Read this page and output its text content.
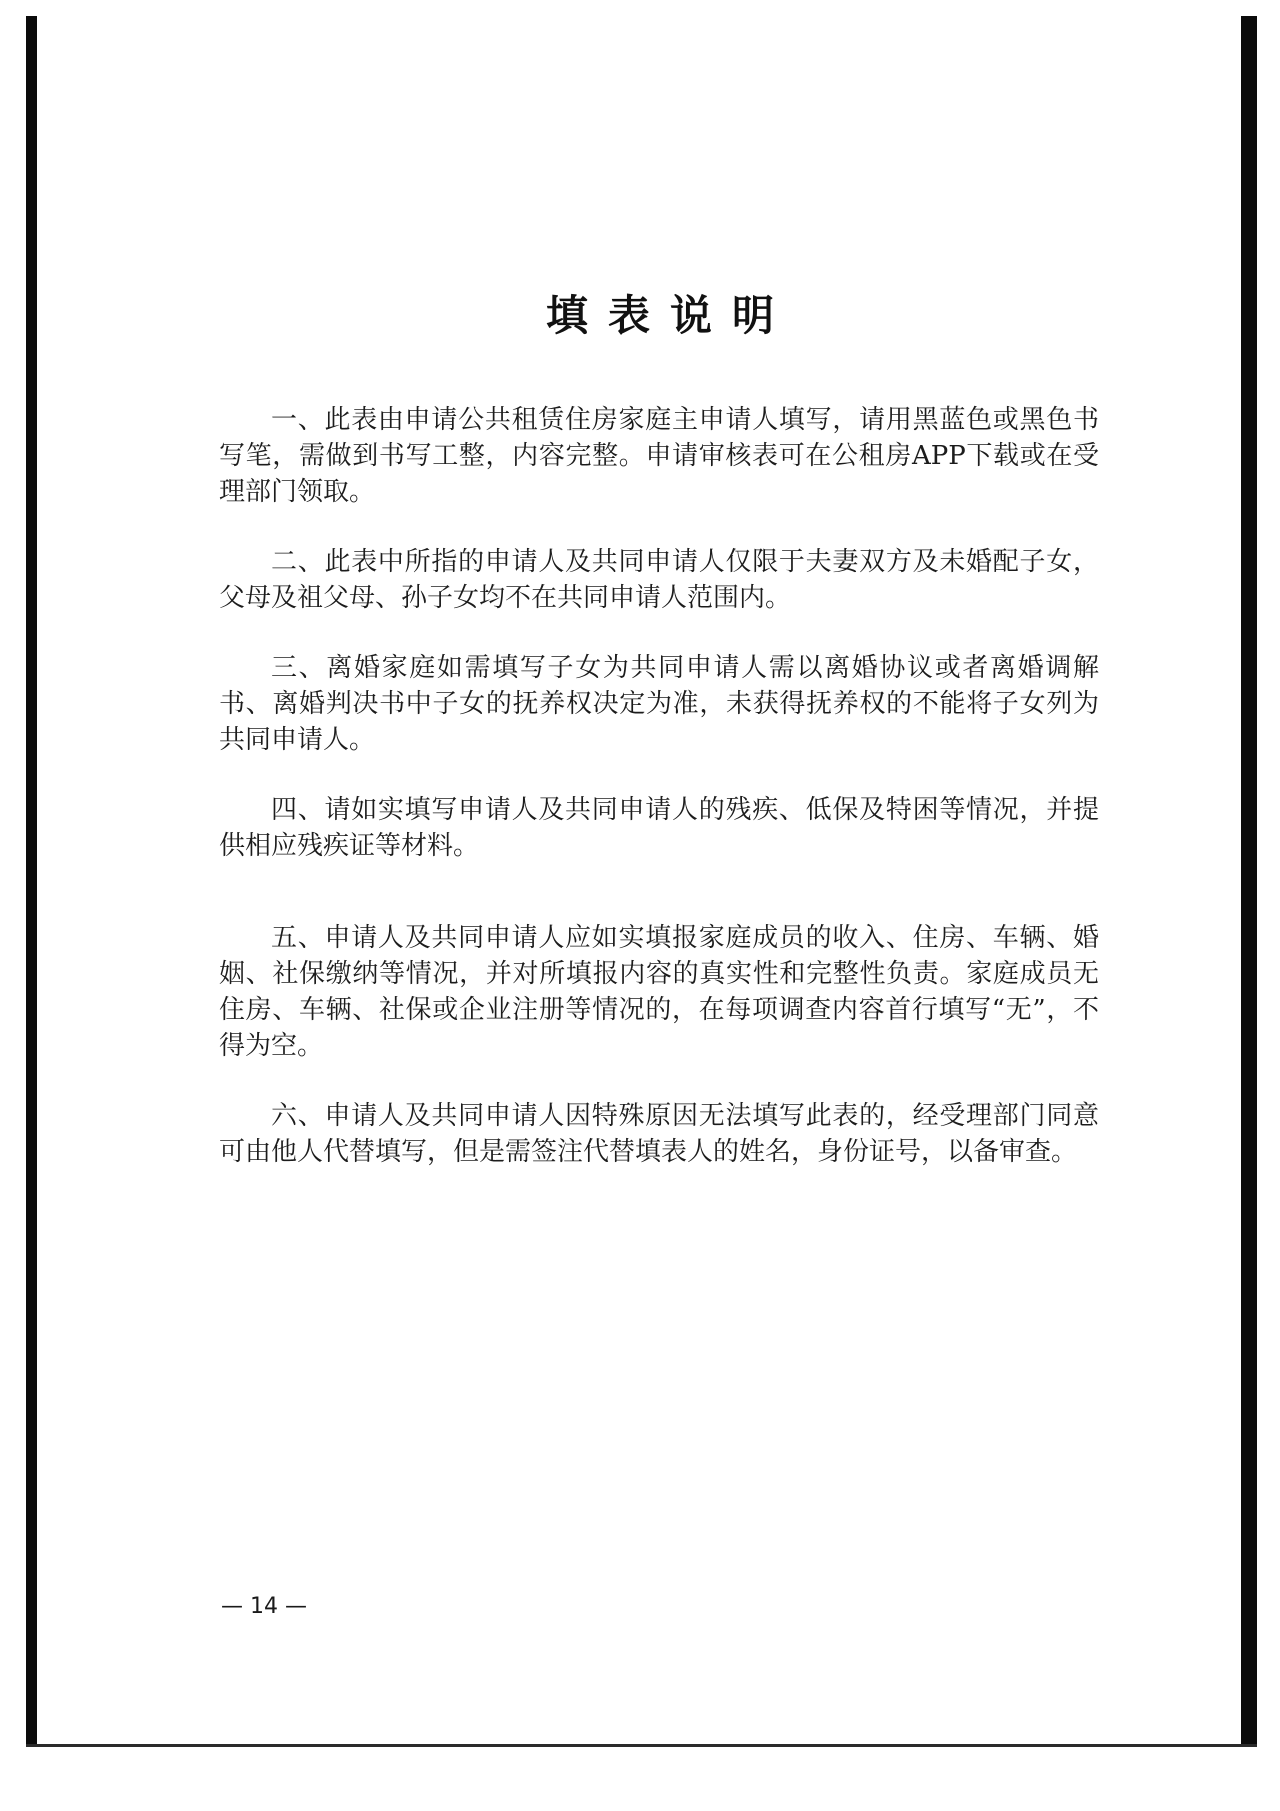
填表说明

一、此表由申请公共租赁住房家庭主申请人填写，请用黑蓝色或黑色书写笔，需做到书写工整，内容完整。申请审核表可在公租房APP下载或在受理部门领取。

二、此表中所指的申请人及共同申请人仅限于夫妻双方及未婚配子女，父母及祖父母、孙子女均不在共同申请人范围内。

三、离婚家庭如需填写子女为共同申请人需以离婚协议或者离婚调解书、离婚判决书中子女的抚养权决定为准，未获得抚养权的不能将子女列为共同申请人。

四、请如实填写申请人及共同申请人的残疾、低保及特困等情况，并提供相应残疾证等材料。

五、申请人及共同申请人应如实填报家庭成员的收入、住房、车辆、婚姻、社保缴纳等情况，并对所填报内容的真实性和完整性负责。家庭成员无住房、车辆、社保或企业注册等情况的，在每项调查内容首行填写“无”，不得为空。

六、申请人及共同申请人因特殊原因无法填写此表的，经受理部门同意可由他人代替填写，但是需签注代替填表人的姓名，身份证号，以备审查。

— 14 —
